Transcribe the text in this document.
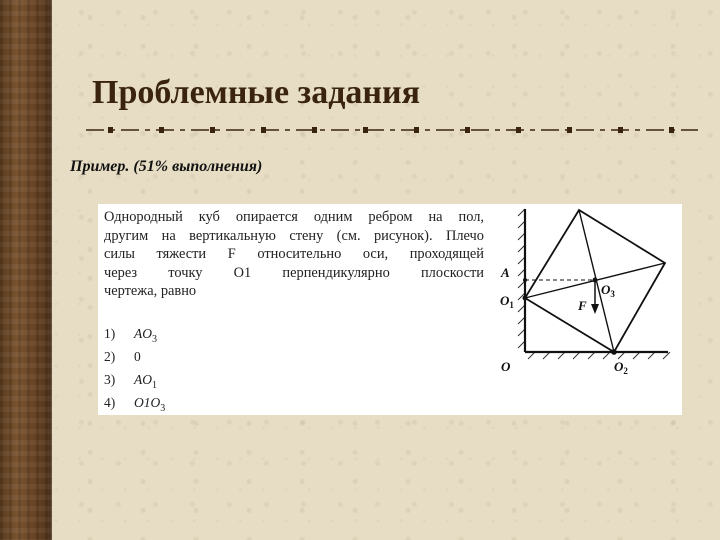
Проблемные задания
Пример. (51% выполнения)
Однородный куб опирается одним ребром на пол,
другим на вертикальную стену (см. рисунок). Плечо
силы тяжести F относительно оси, проходящей
через точку O1 перпендикулярно плоскости
чертежа, равно
1)	$AO_3$
2)	0
3)	$AO_1$
4)	$O1O_3$
A
$O_1$
$O_3$
F
O	$O_2$
